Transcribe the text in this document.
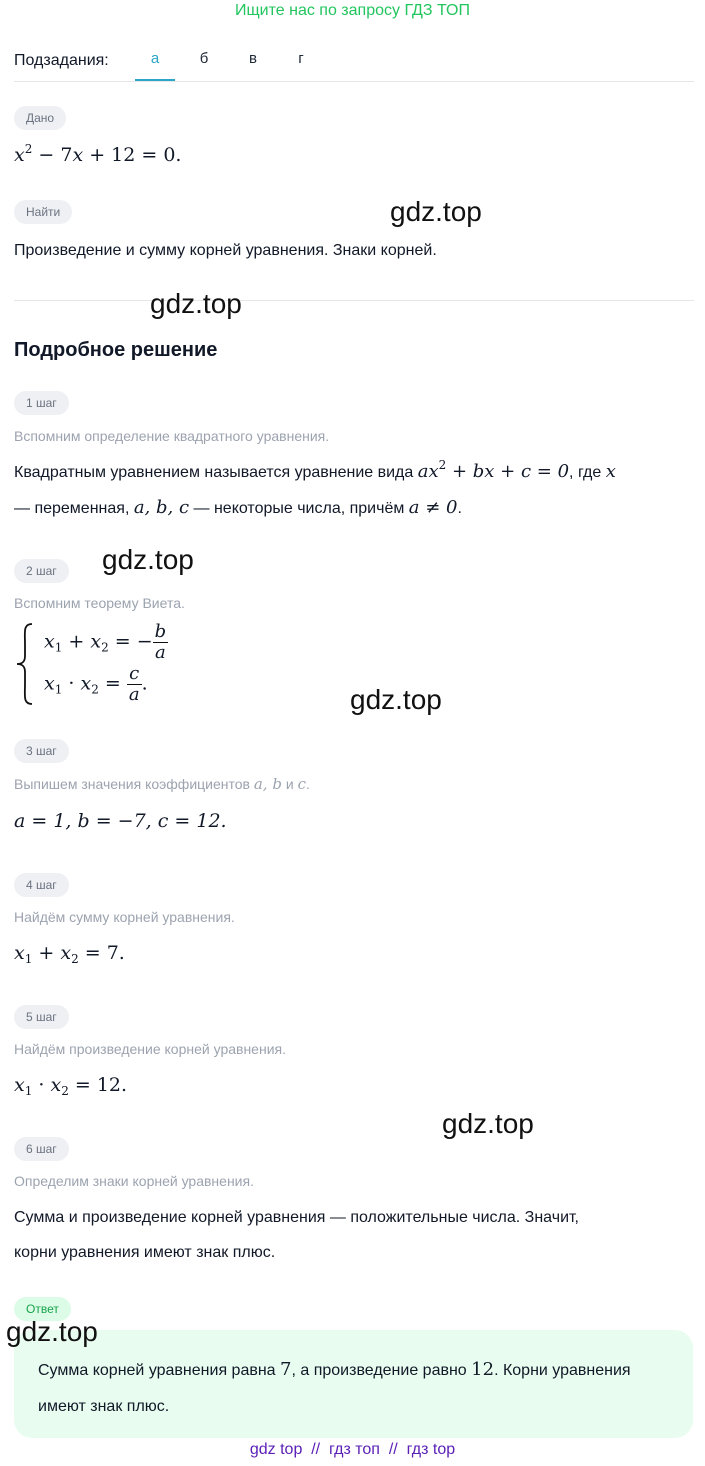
Ищите нас по запросу ГДЗ ТОП
Подзадания:	а	б	в	г
Дано
$x^2 - 7x + 12 = 0$.
Найти
Произведение и сумму корней уравнения. Знаки корней.
Подробное решение
1 шаг
Вспомним определение квадратного уравнения.
Квадратным уравнением называется уравнение вида $ax^2$ + bx + c = 0, где x
— переменная, a, b, c — некоторые числа, причём a ≠ 0.
2 шаг
Вспомним теорему Виета.
$x_1 + x_2$ = − $\frac{b}{a}$
$x_1 \cdot x_2 = \frac{c}{a}$ .
3 шаг
Выпишем значения коэффициентов a, b и c.
a = 1, b = −7, c = 12.
4 шаг
Найдём сумму корней уравнения.
$x_1 + x_2 = 7$.
5 шаг
Найдём произведение корней уравнения.
$x_1 \cdot x_2 = 12$.
6 шаг
Определим знаки корней уравнения.
Сумма и произведение корней уравнения — положительные числа. Значит,
корни уравнения имеют знак плюс.
Ответ
Сумма корней уравнения равна 7, а произведение равно 12. Корни уравнения имеют знак плюс.
gdz.top
gdz.top
gdz.top
gdz.top
gdz.top
gdz.top
gdz top // гдз топ // гдз top
